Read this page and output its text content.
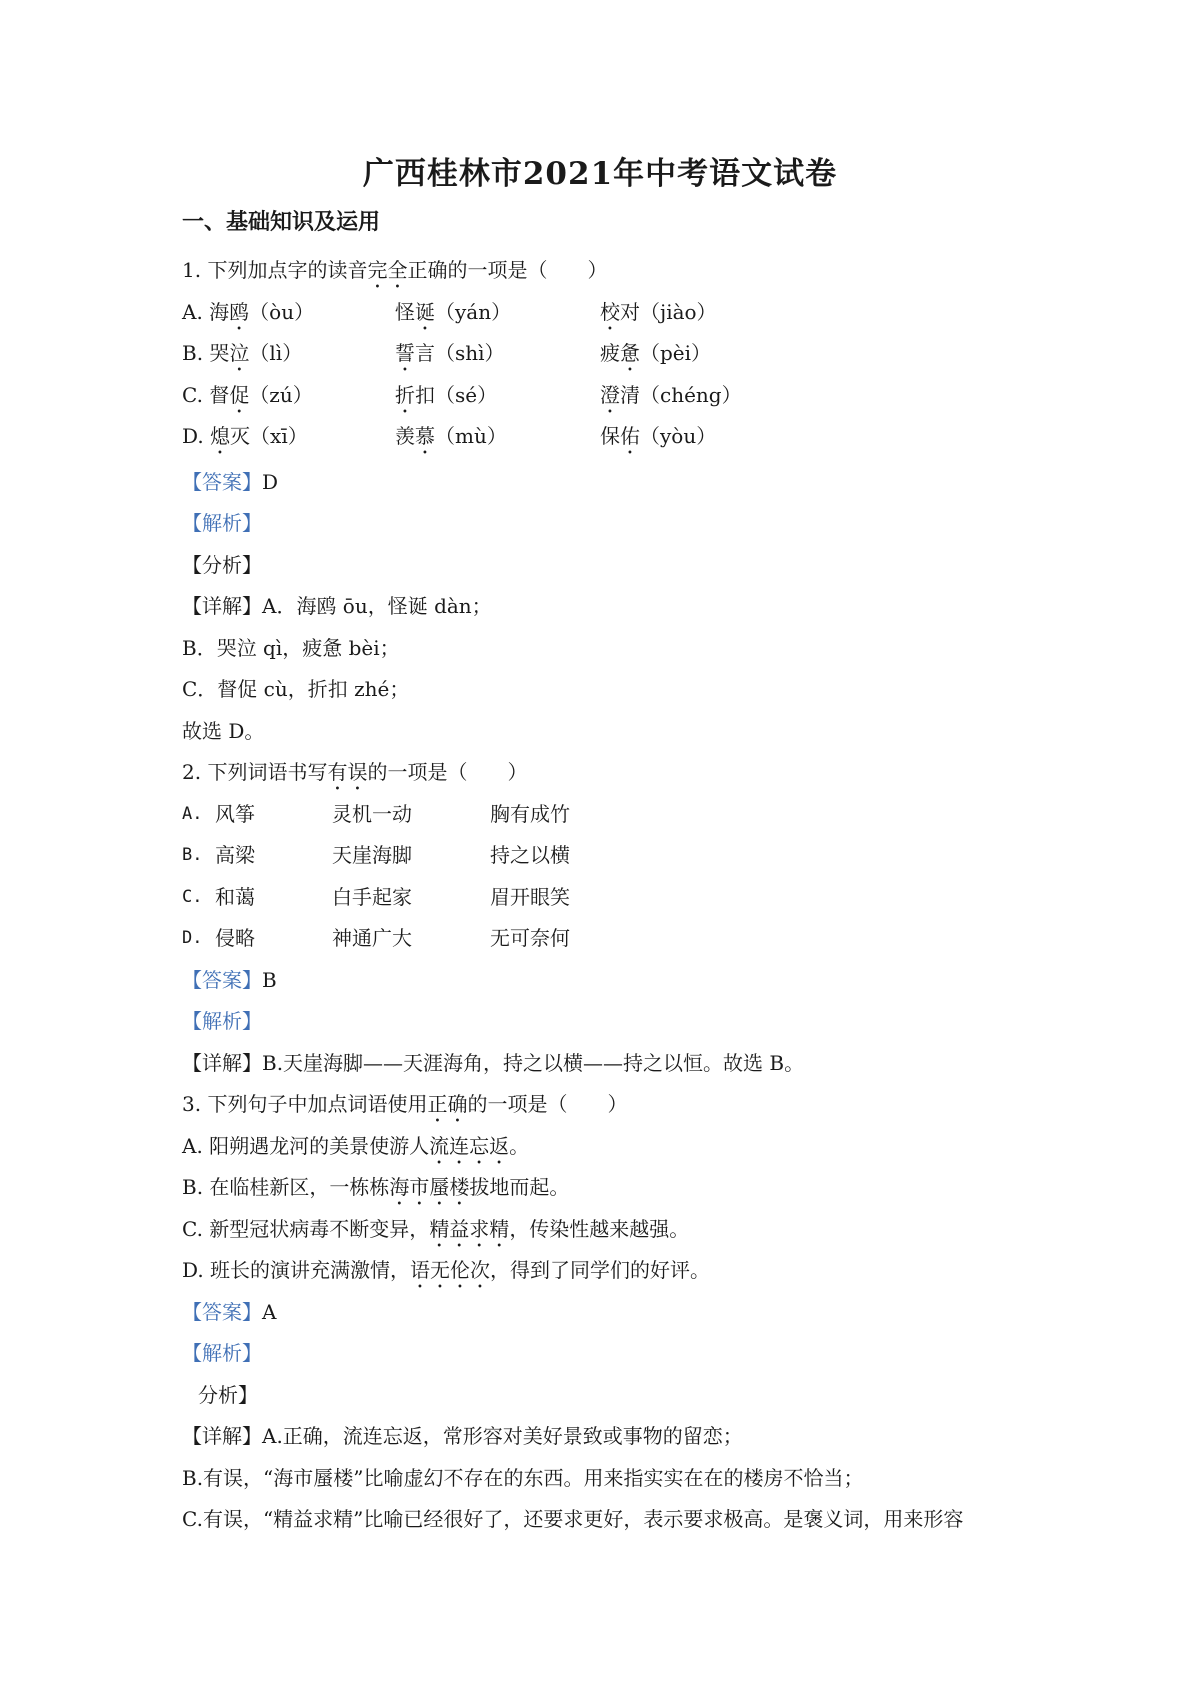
广西桂林市2021年中考语文试卷
一、基础知识及运用
1. 下列加点字的读音完全正确的一项是（　　）
A. 海鸥（òu）	怪诞（yán）	校对（jiào）
B. 哭泣（lì）	誓言（shì）	疲惫（pèi）
C. 督促（zú）	折扣（sé）	澄清（chéng）
D. 熄灭（xī）	羡慕（mù）	保佑（yòu）
【答案】D
【解析】
【分析】
【详解】A．海鸥 ōu，怪诞 dàn；
B．哭泣 qì，疲惫 bèi；
C．督促 cù，折扣 zhé；
故选 D。
2. 下列词语书写有误的一项是（　　）
A. 风筝	灵机一动	胸有成竹
B. 高梁	天崖海脚	持之以横
C. 和蔼	白手起家	眉开眼笑
D. 侵略	神通广大	无可奈何
【答案】B
【解析】
【详解】B.天崖海脚——天涯海角，持之以横——持之以恒。故选 B。
3. 下列句子中加点词语使用正确的一项是（　　）
A. 阳朔遇龙河的美景使游人流连忘返。
B. 在临桂新区，一栋栋海市蜃楼拔地而起。
C. 新型冠状病毒不断变异，精益求精，传染性越来越强。
D. 班长的演讲充满激情，语无伦次，得到了同学们的好评。
【答案】A
【解析】
分析】
【详解】A.正确，流连忘返，常形容对美好景致或事物的留恋；
B.有误，“海市蜃楼”比喻虚幻不存在的东西。用来指实实在在的楼房不恰当；
C.有误，“精益求精”比喻已经很好了，还要求更好，表示要求极高。是褒义词，用来形容
